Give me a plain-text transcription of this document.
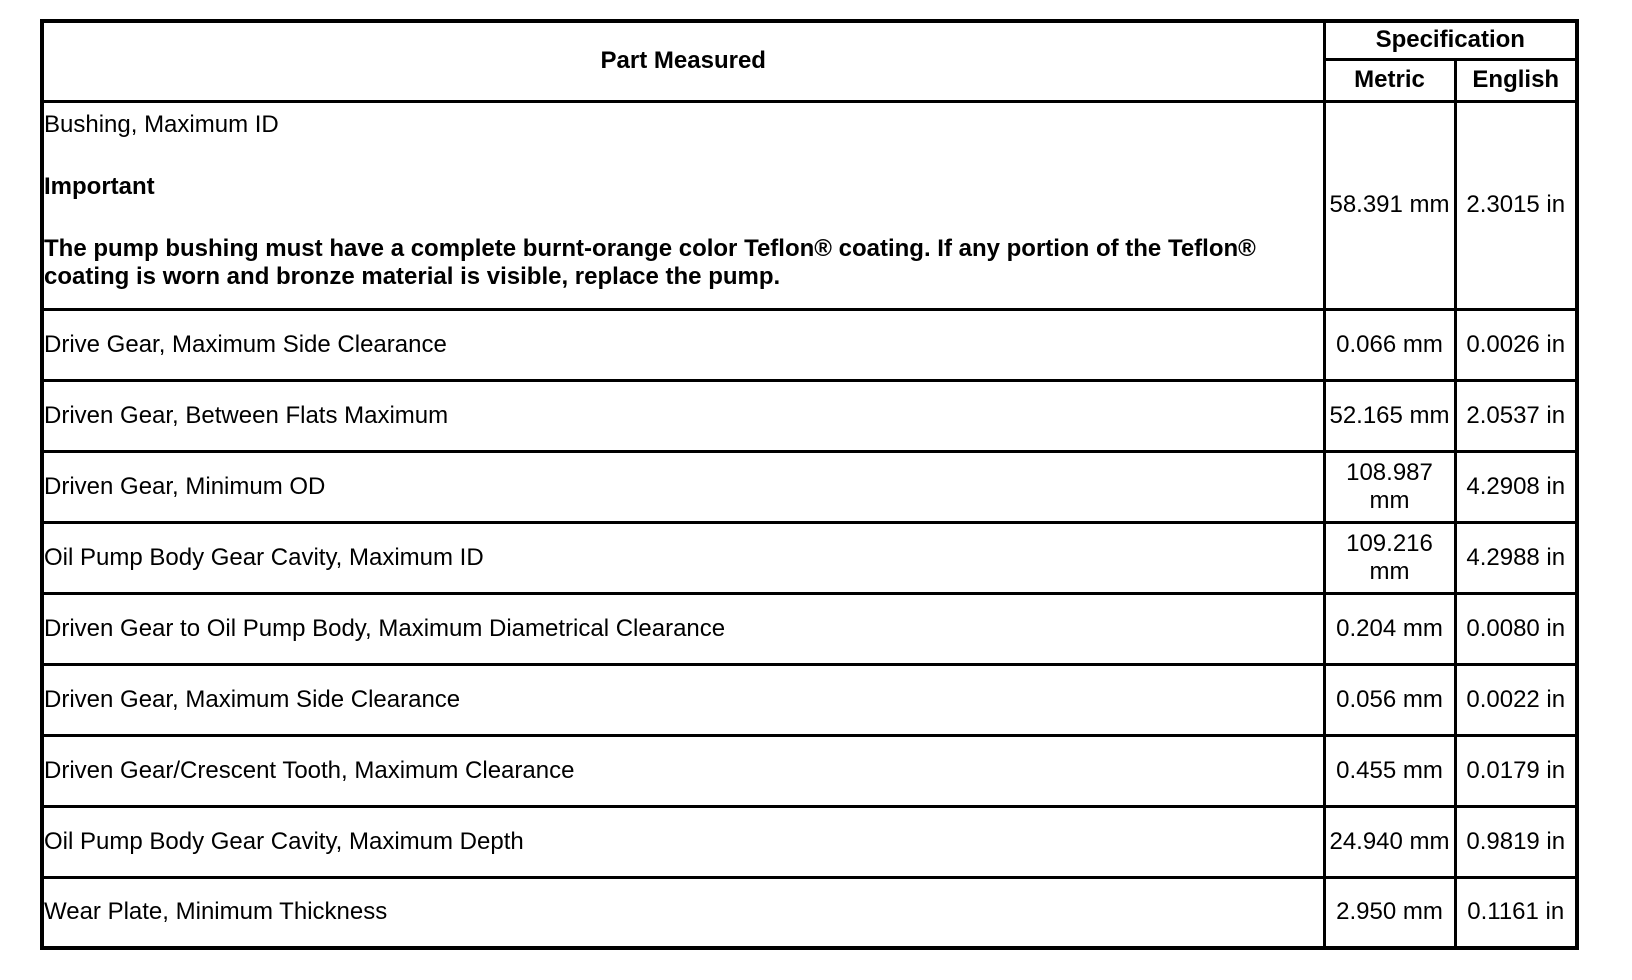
Part Measured	Specification	
	Metric	English

Bushing, Maximum ID
Important
The pump bushing must have a complete burnt-orange color Teflon® coating. If any portion of the Teflon® coating is worn and bronze material is visible, replace the pump.	58.391 mm	2.3015 in
Drive Gear, Maximum Side Clearance	0.066 mm	0.0026 in
Driven Gear, Between Flats Maximum	52.165 mm	2.0537 in
Driven Gear, Minimum OD	108.987 mm	4.2908 in
Oil Pump Body Gear Cavity, Maximum ID	109.216 mm	4.2988 in
Driven Gear to Oil Pump Body, Maximum Diametrical Clearance	0.204 mm	0.0080 in
Driven Gear, Maximum Side Clearance	0.056 mm	0.0022 in
Driven Gear/Crescent Tooth, Maximum Clearance	0.455 mm	0.0179 in
Oil Pump Body Gear Cavity, Maximum Depth	24.940 mm	0.9819 in
Wear Plate, Minimum Thickness	2.950 mm	0.1161 in
